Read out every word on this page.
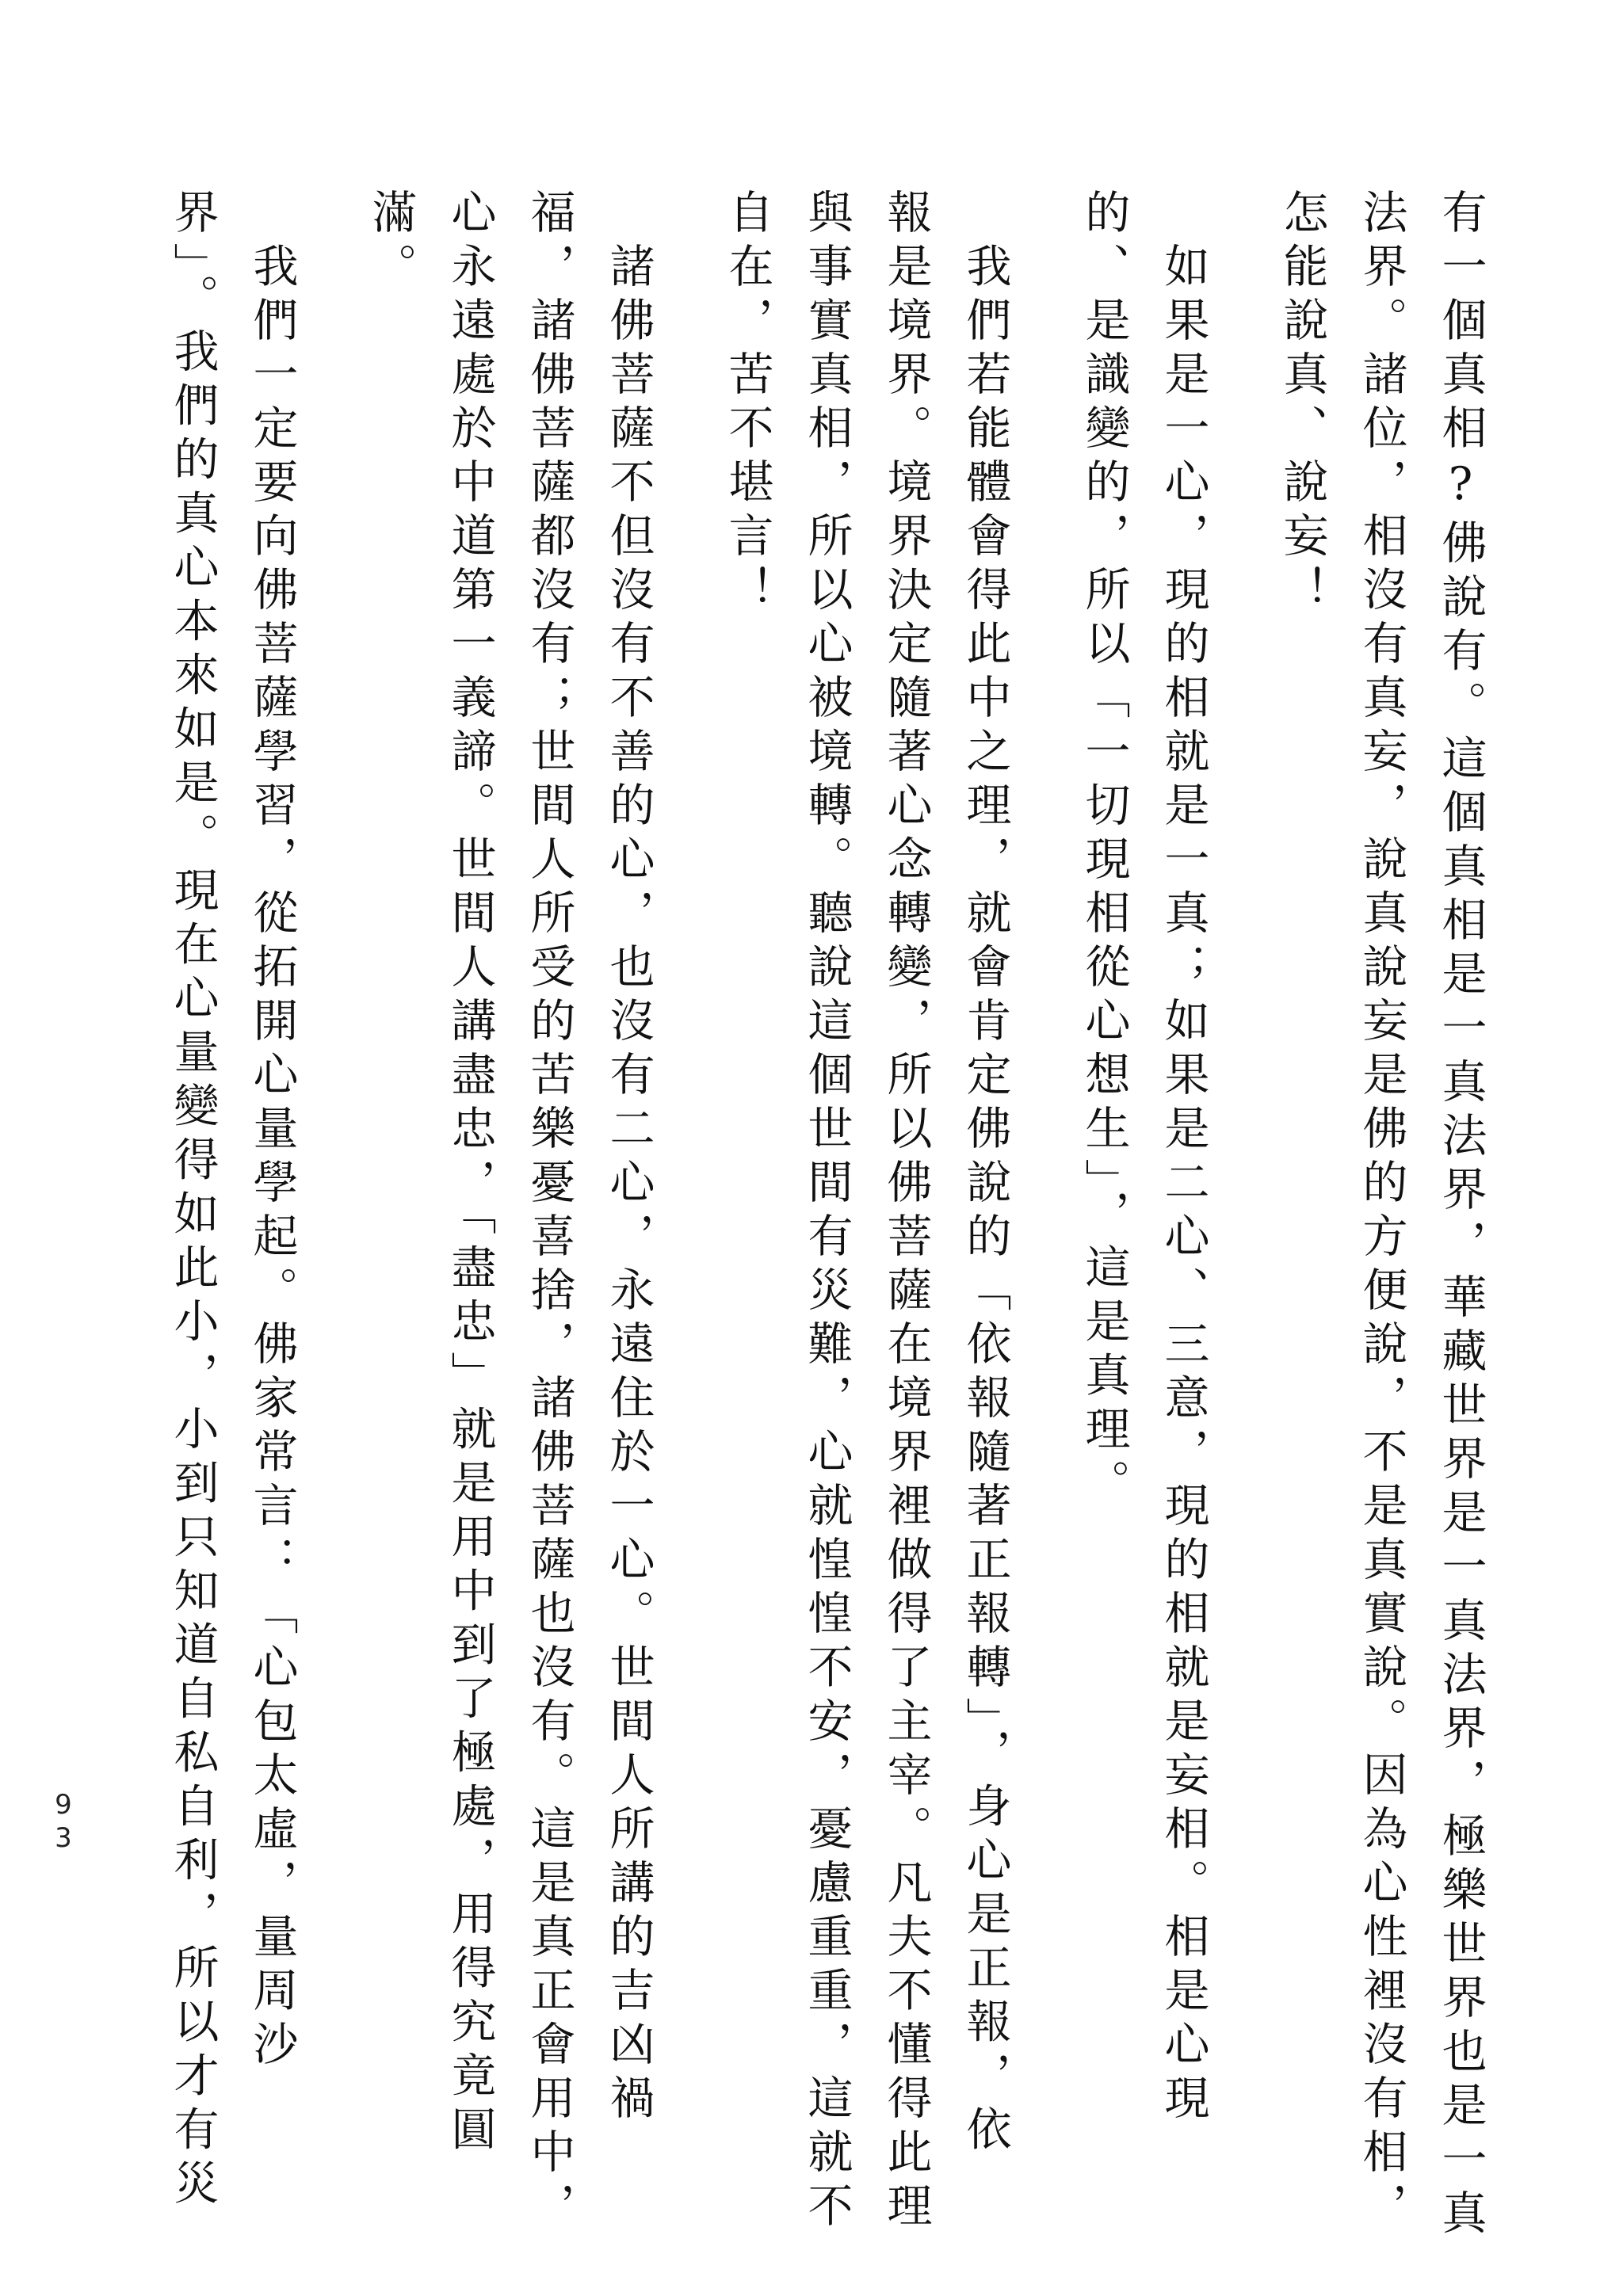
有一個真相?佛說有。這個真相是一真法界，華藏世界是一真法界，極樂世界也是一真
法界。諸位，相沒有真妄，說真說妄是佛的方便說，不是真實說。因為心性裡沒有相，
怎能說真、說妄！
　如果是一心，現的相就是一真；如果是二心、三意，現的相就是妄相。相是心現
的、是識變的，所以「一切現相從心想生」，這是真理。
　我們若能體會得此中之理，就會肯定佛說的「依報隨著正報轉」，身心是正報，依
報是境界。境界決定隨著心念轉變，所以佛菩薩在境界裡做得了主宰。凡夫不懂得此理
與事實真相，所以心被境轉。聽說這個世間有災難，心就惶惶不安，憂慮重重，這就不
自在，苦不堪言！
　諸佛菩薩不但沒有不善的心，也沒有二心，永遠住於一心。世間人所講的吉凶禍
福，諸佛菩薩都沒有；世間人所受的苦樂憂喜捨，諸佛菩薩也沒有。這是真正會用中，
心永遠處於中道第一義諦。世間人講盡忠，「盡忠」就是用中到了極處，用得究竟圓
滿。
　我們一定要向佛菩薩學習，從拓開心量學起。佛家常言：「心包太虛，量周沙
界」。我們的真心本來如是。現在心量變得如此小，小到只知道自私自利，所以才有災
93
